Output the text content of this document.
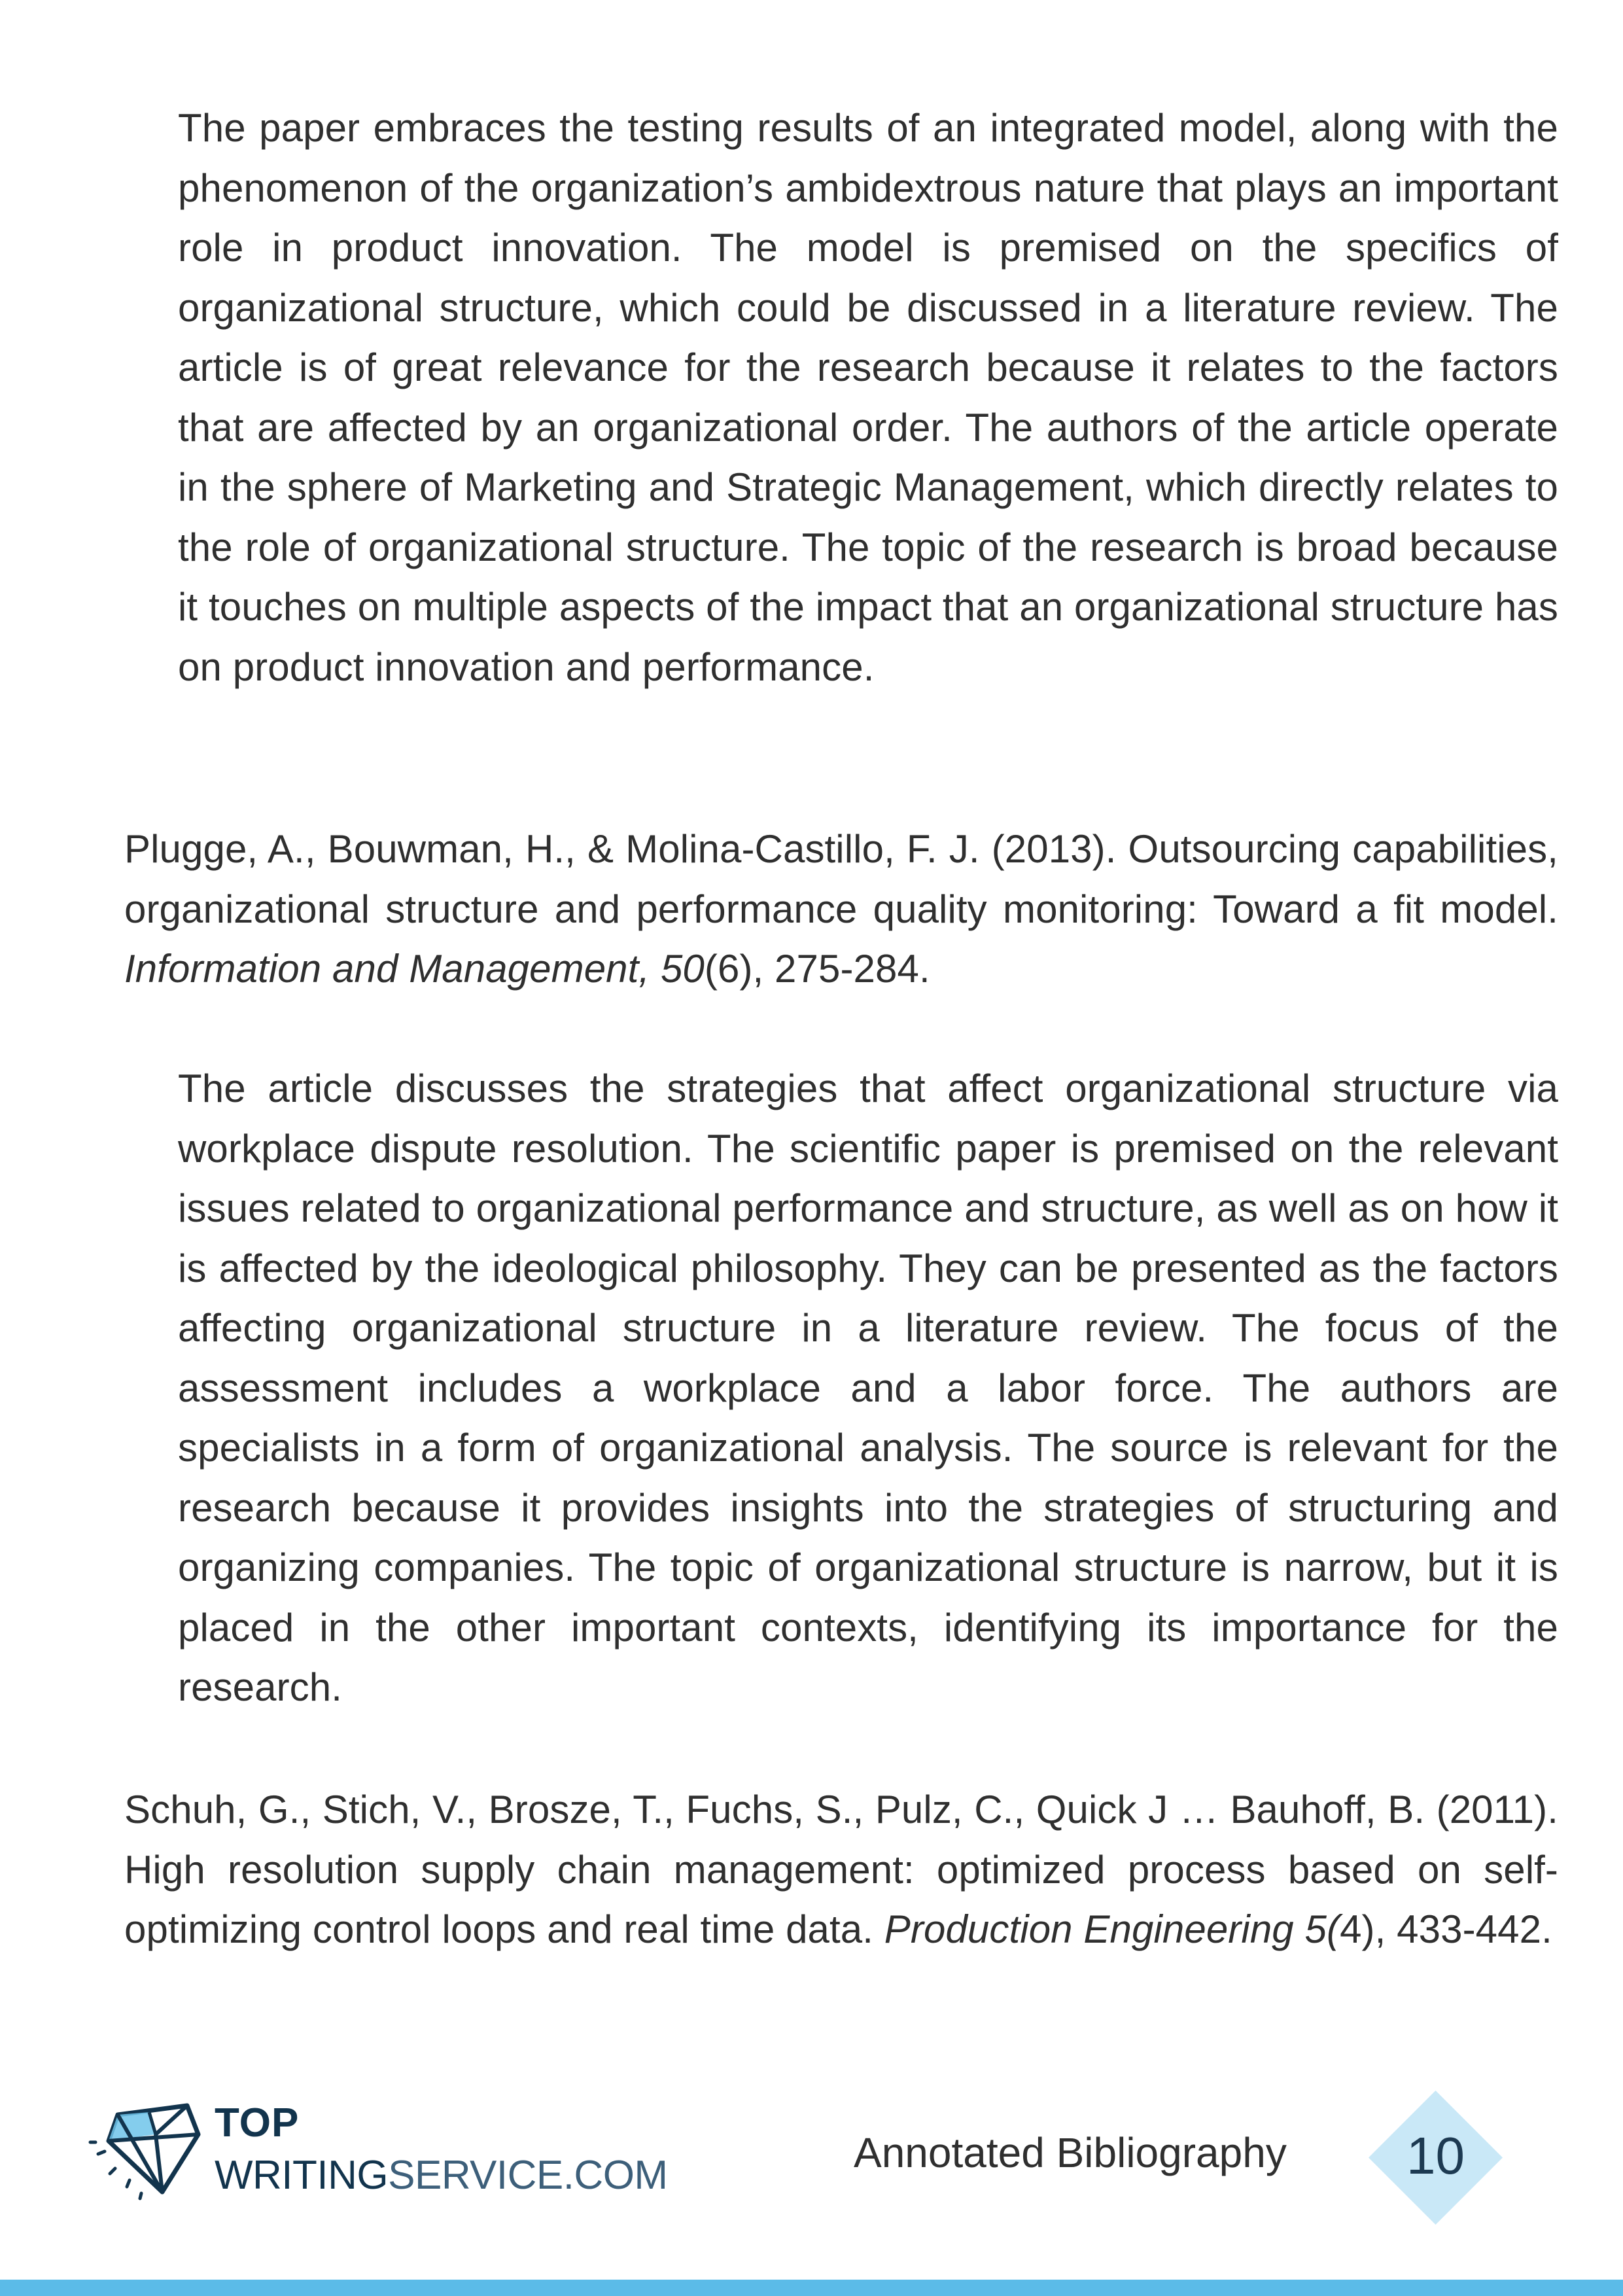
The paper embraces the testing results of an integrated model, along with the phenomenon of the organization’s ambidextrous nature that plays an important role in product innovation. The model is premised on the specifics of organizational structure, which could be discussed in a literature review. The article is of great relevance for the research because it relates to the factors that are affected by an organizational order. The authors of the article operate in the sphere of Marketing and Strategic Management, which directly relates to the role of organizational structure. The topic of the research is broad because it touches on multiple aspects of the impact that an organizational structure has on product innovation and performance.

Plugge, A., Bouwman, H., & Molina-Castillo, F. J. (2013). Outsourcing capabilities, organizational structure and performance quality monitoring: Toward a fit model. Information and Management, 50(6), 275-284.

The article discusses the strategies that affect organizational structure via workplace dispute resolution. The scientific paper is premised on the relevant issues related to organizational performance and structure, as well as on how it is affected by the ideological philosophy. They can be presented as the factors affecting organizational structure in a literature review. The focus of the assessment includes a workplace and a labor force. The authors are specialists in a form of organizational analysis. The source is relevant for the research because it provides insights into the strategies of structuring and organizing companies. The topic of organizational structure is narrow, but it is placed in the other important contexts, identifying its importance for the research.

Schuh, G., Stich, V., Brosze, T., Fuchs, S., Pulz, C., Quick J … Bauhoff, B. (2011). High resolution supply chain management: optimized process based on self-optimizing control loops and real time data. Production Engineering 5(4), 433-442.

TOP
WRITINGSERVICE.COM	Annotated Bibliography	10
